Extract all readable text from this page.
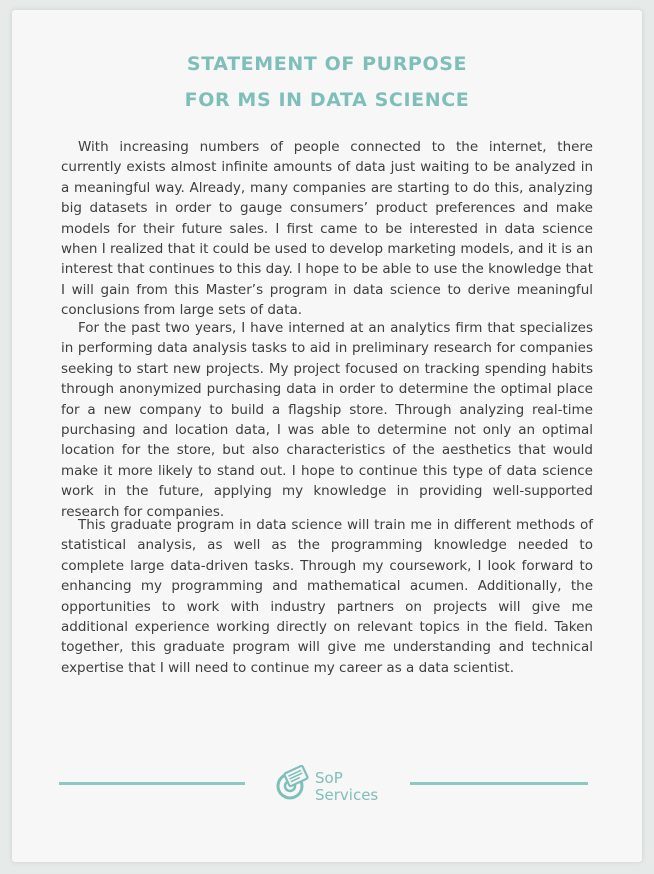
STATEMENT OF PURPOSE
FOR MS IN DATA SCIENCE

With increasing numbers of people connected to the internet, there currently exists almost infinite amounts of data just waiting to be analyzed in a meaningful way. Already, many companies are starting to do this, analyzing big datasets in order to gauge consumers’ product preferences and make models for their future sales. I first came to be interested in data science when I realized that it could be used to develop marketing models, and it is an interest that continues to this day. I hope to be able to use the knowledge that I will gain from this Master’s program in data science to derive meaningful conclusions from large sets of data.

For the past two years, I have interned at an analytics firm that specializes in performing data analysis tasks to aid in preliminary research for companies seeking to start new projects. My project focused on tracking spending habits through anonymized purchasing data in order to determine the optimal place for a new company to build a flagship store. Through analyzing real-time purchasing and location data, I was able to determine not only an optimal location for the store, but also characteristics of the aesthetics that would make it more likely to stand out. I hope to continue this type of data science work in the future, applying my knowledge in providing well-supported research for companies.

This graduate program in data science will train me in different methods of statistical analysis, as well as the programming knowledge needed to complete large data-driven tasks. Through my coursework, I look forward to enhancing my programming and mathematical acumen. Additionally, the opportunities to work with industry partners on projects will give me additional experience working directly on relevant topics in the field. Taken together, this graduate program will give me understanding and technical expertise that I will need to continue my career as a data scientist.

SoP
Services
